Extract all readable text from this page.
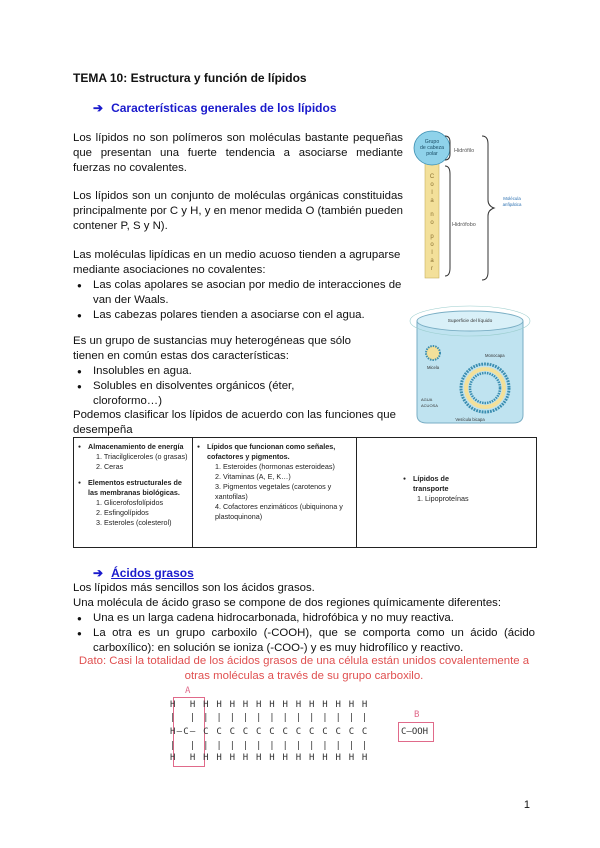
TEMA 10: Estructura y función de lípidos
➔ Características generales de los lípidos
Los lípidos no son polímeros son moléculas bastante pequeñas que presentan una fuerte tendencia a asociarse mediante fuerzas no covalentes.
Los lípidos son un conjunto de moléculas orgánicas constituidas principalmente por C y H, y en menor medida O (también pueden contener P, S y N).
Las moléculas lipídicas en un medio acuoso tienden a agruparse mediante asociaciones no covalentes:
● Las colas apolares se asocian por medio de interacciones de van der Waals.
● Las cabezas polares tienden a asociarse con el agua.
Es un grupo de sustancias muy heterogéneas que sólo tienen en común estas dos características:
● Insolubles en agua.
● Solubles en disolventes orgánicos (éter, cloroformo…)
Podemos clasificar los lípidos de acuerdo con las funciones que desempeña
Grupo de cabeza polar
C o l a n o p o l a r
Hidrófilo
Hidrófobo
Molécula anfipática
Superficie del líquido
Micela
Monocapa
AGUA
ACUOSA
Vesícula bicapa
● Almacenamiento de energía
1. Triacilgliceroles (o grasas)
2. Ceras
● Elementos estructurales de las membranas biológicas.
1. Glicerofosfolípidos
2. Esfingolípidos
3. Esteroles (colesterol)
● Lípidos que funcionan como señales, cofactores y pigmentos.
1. Esteroides (hormonas esteroideas)
2. Vitaminas (A, E, K…)
3. Pigmentos vegetales (carotenos y xantofilas)
4. Cofactores enzimáticos (ubiquinona y plastoquinona)
● Lípidos de transporte
1. Lipoproteínas
➔ Ácidos grasos
Los lípidos más sencillos son los ácidos grasos.
Una molécula de ácido graso se compone de dos regiones químicamente diferentes:
● Una es un larga cadena hidrocarbonada, hidrofóbica y no muy reactiva.
● La otra es un grupo carboxilo (-COOH), que se comporta como un ácido (ácido carboxílico): en solución se ioniza (-COO-) y es muy hidrofílico y reactivo.
Dato: Casi la totalidad de los ácidos grasos de una célula están unidos covalentemente a otras moléculas a través de su grupo carboxilo.
A
H  H H H H H H H H H H H H H H
|  | | | | | | | | | | | | | |
H—C— C C C C C C C C C C C C C
|  | | | | | | | | | | | | | |
H  H H H H H H H H H H H H H H
B
C—OOH
1
